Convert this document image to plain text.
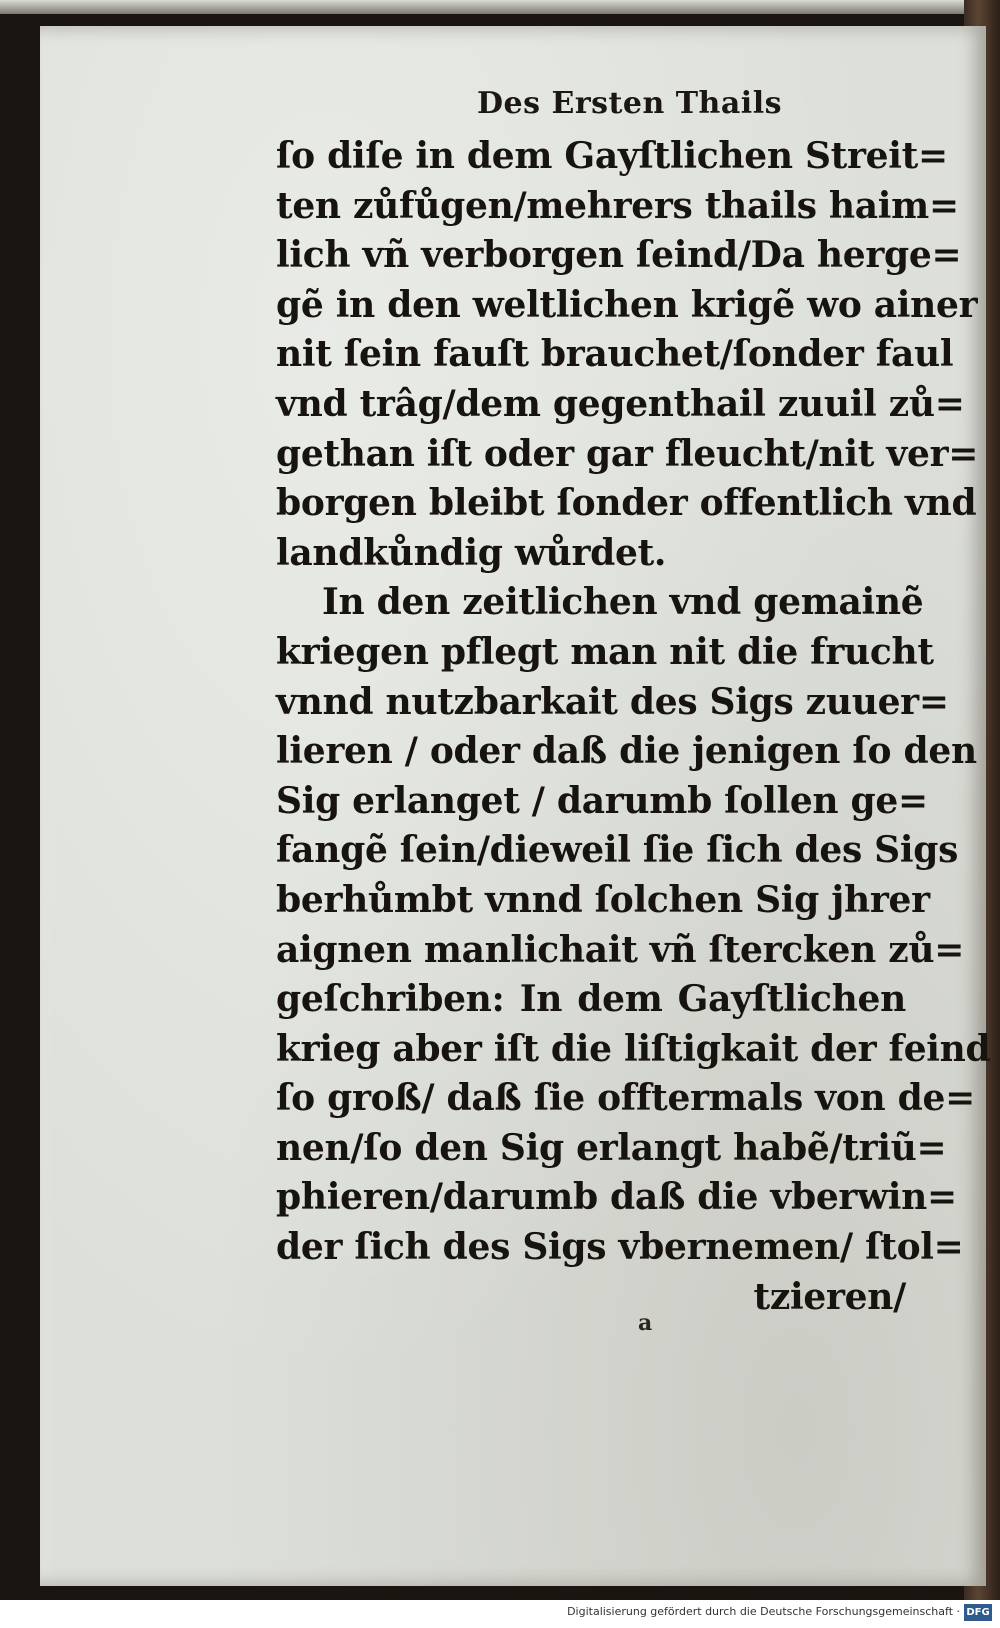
Des Ersten Thails
ſo diſe in dem Gayſtlichen Streit=
ten zůfůgen/mehrers thails haim=
lich vñ verborgen ſeind/Da herge=
gẽ in den weltlichen krigẽ wo ainer
nit ſein fauſt brauchet/ſonder faul
vnd trâg/dem gegenthail zuuil zů=
gethan iſt oder gar fleucht/nit ver=
borgen bleibt ſonder offentlich vnd
landkůndig wůrdet.
In den zeitlichen vnd gemainẽ
kriegen pflegt man nit die frucht
vnnd nutzbarkait des Sigs zuuer=
lieren / oder daß die jenigen ſo den
Sig erlanget / darumb ſollen ge=
fangẽ ſein/dieweil ſie ſich des Sigs
berhůmbt vnnd ſolchen Sig jhrer
aignen manlichait vñ ſtercken zů=
geſchriben: In dem Gayſtlichen
krieg aber iſt die liſtigkait der feind
ſo groß/ daß ſie offtermals von de=
nen/ſo den Sig erlangt habẽ/triũ=
phieren/darumb daß die vberwin=
der ſich des Sigs vbernemen/ ſtol=
tzieren/
a
Digitalisierung gefördert durch die Deutsche Forschungsgemeinschaft · DFG
